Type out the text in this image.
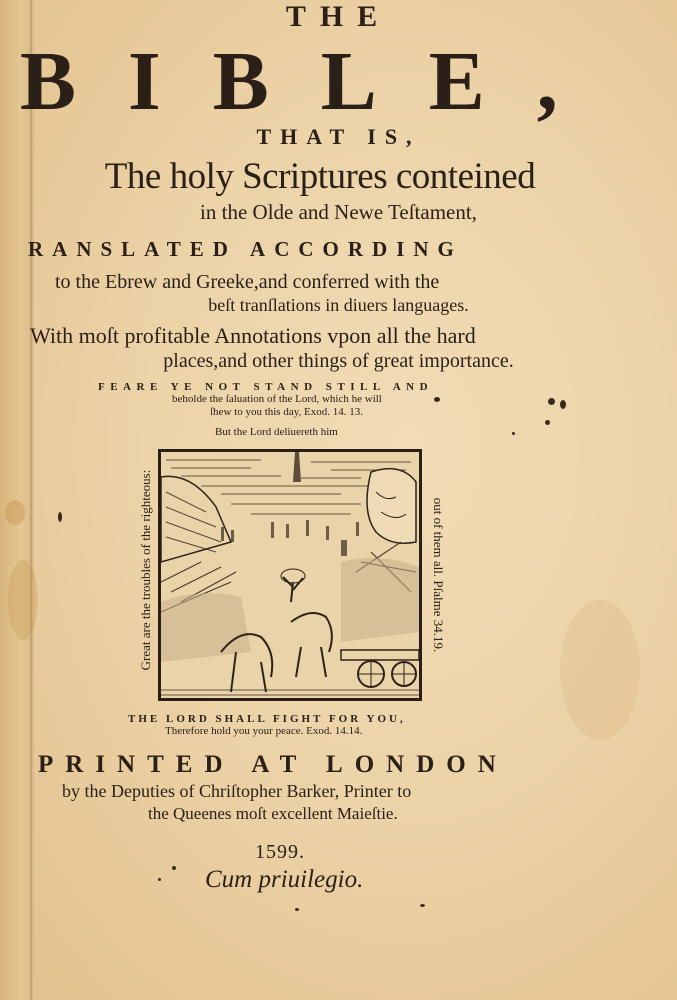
THE
BIBLE,
THAT IS,
The holy Scriptures conteined
in the Olde and Newe Teſtament,
RANSLATED ACCORDING
to the Ebrew and Greeke,and conferred with the
beſt tranſlations in diuers languages.
With moſt profitable Annotations vpon all the hard
places,and other things of great importance.
FEARE YE NOT STAND STILL AND
beholde the ſaluation of the Lord, which he will
ſhew to you this day, Exod. 14. 13.
But the Lord deliuereth him
Great are the troubles of the righteous:	out of them all. Pſalme 34.19.
THE LORD SHALL FIGHT FOR YOU,
Therefore hold you your peace. Exod. 14.14.
PRINTED AT LONDON
by the Deputies of Chriſtopher Barker, Printer to
the Queenes moſt excellent Maieſtie.
1599.
Cum priuilegio.
